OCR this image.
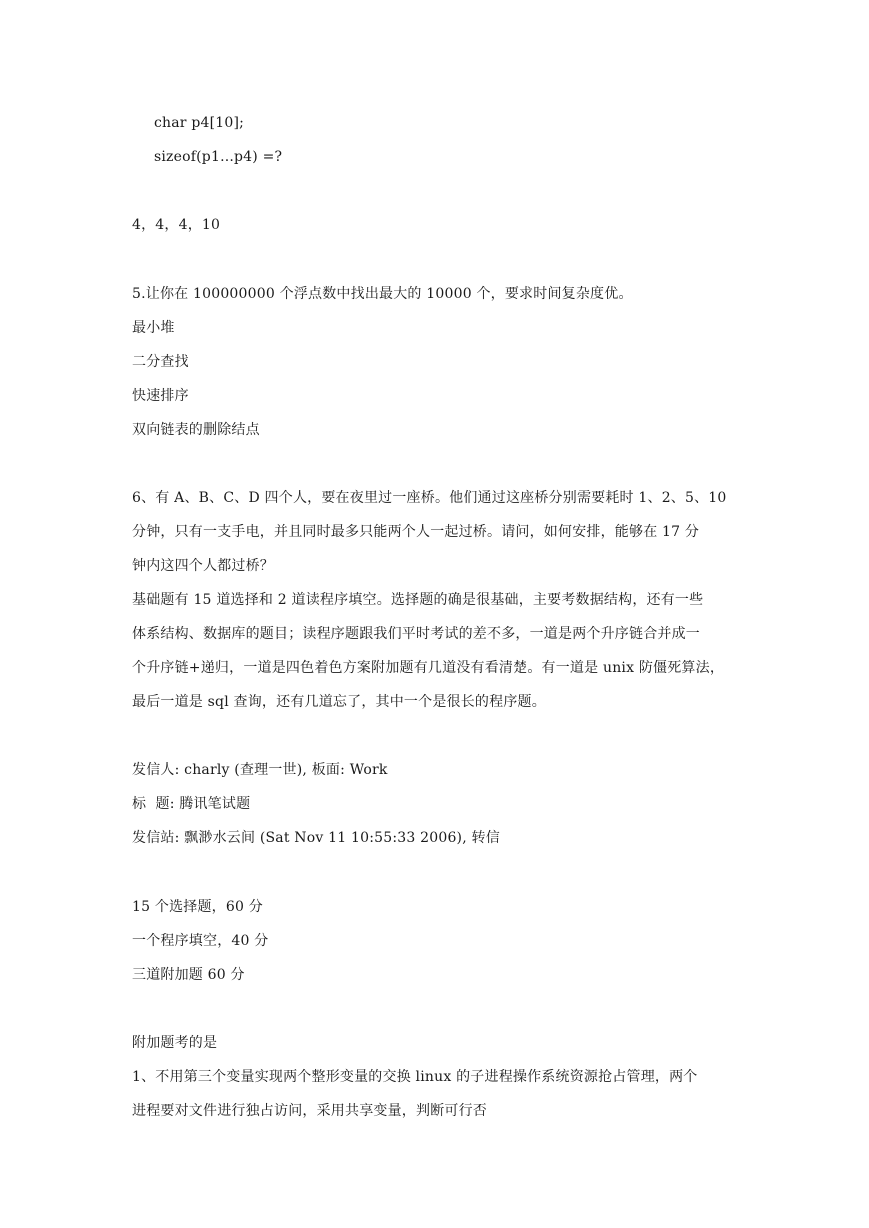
char p4[10];
sizeof(p1...p4) =?
4，4，4，10
5.让你在 100000000 个浮点数中找出最大的 10000 个，要求时间复杂度优。
最小堆
二分查找
快速排序
双向链表的删除结点
6、有 A、B、C、D 四个人，要在夜里过一座桥。他们通过这座桥分别需要耗时 1、2、5、10
分钟，只有一支手电，并且同时最多只能两个人一起过桥。请问，如何安排，能够在 17 分
钟内这四个人都过桥？
基础题有 15 道选择和 2 道读程序填空。选择题的确是很基础，主要考数据结构，还有一些
体系结构、数据库的题目；读程序题跟我们平时考试的差不多，一道是两个升序链合并成一
个升序链+递归，一道是四色着色方案附加题有几道没有看清楚。有一道是 unix 防僵死算法，
最后一道是 sql 查询，还有几道忘了，其中一个是很长的程序题。
发信人: charly (查理一世), 板面: Work
标  题: 腾讯笔试题
发信站: 飘渺水云间 (Sat Nov 11 10:55:33 2006), 转信
15 个选择题，60 分
一个程序填空，40 分
三道附加题 60 分
附加题考的是
1、不用第三个变量实现两个整形变量的交换 linux 的子进程操作系统资源抢占管理，两个
进程要对文件进行独占访问，采用共享变量，判断可行否
